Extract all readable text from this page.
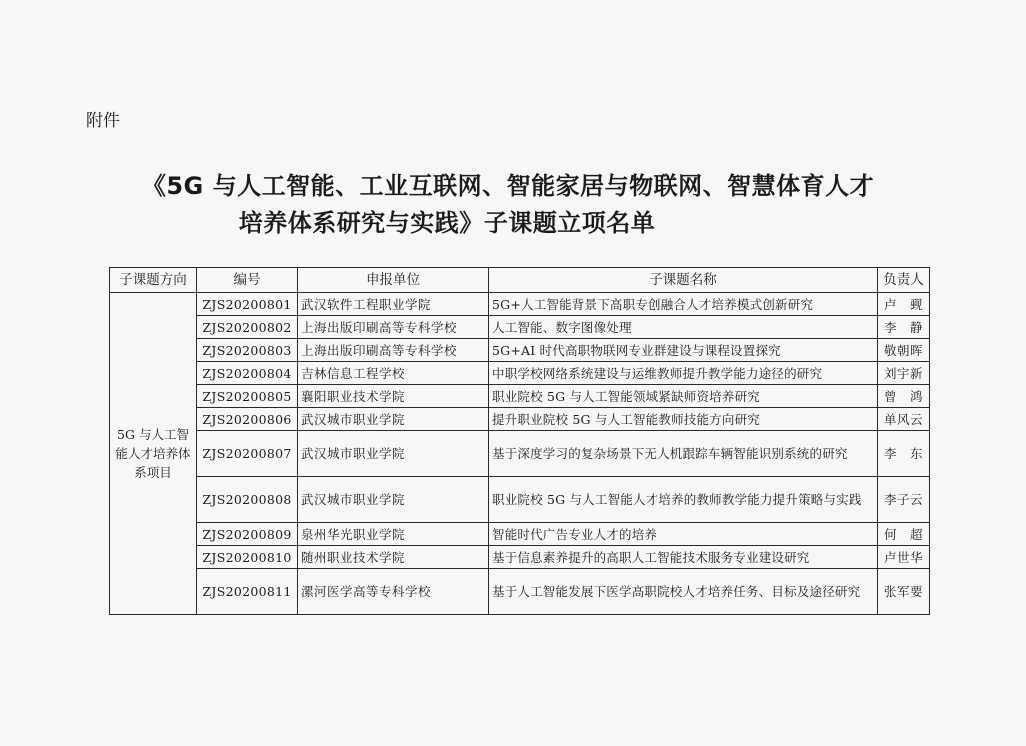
附件
《5G 与人工智能、工业互联网、智能家居与物联网、智慧体育人才
培养体系研究与实践》子课题立项名单
子课题方向	编号	申报单位	子课题名称	负责人
5G 与人工智能人才培养体系项目	ZJS20200801	武汉软件工程职业学院	5G+人工智能背景下高职专创融合人才培养模式创新研究	卢　觋
	ZJS20200802	上海出版印刷高等专科学校	人工智能、数字图像处理	李　静
	ZJS20200803	上海出版印刷高等专科学校	5G+AI 时代高职物联网专业群建设与课程设置探究	敬朝晖
	ZJS20200804	吉林信息工程学校	中职学校网络系统建设与运维教师提升教学能力途径的研究	刘宇新
	ZJS20200805	襄阳职业技术学院	职业院校 5G 与人工智能领域紧缺师资培养研究	曾　鸿
	ZJS20200806	武汉城市职业学院	提升职业院校 5G 与人工智能教师技能方向研究	单风云
	ZJS20200807	武汉城市职业学院	基于深度学习的复杂场景下无人机跟踪车辆智能识别系统的研究	李　东
	ZJS20200808	武汉城市职业学院	职业院校 5G 与人工智能人才培养的教师教学能力提升策略与实践	李子云
	ZJS20200809	泉州华光职业学院	智能时代广告专业人才的培养	何　超
	ZJS20200810	随州职业技术学院	基于信息素养提升的高职人工智能技术服务专业建设研究	卢世华
	ZJS20200811	漯河医学高等专科学校	基于人工智能发展下医学高职院校人才培养任务、目标及途径研究	张军要
